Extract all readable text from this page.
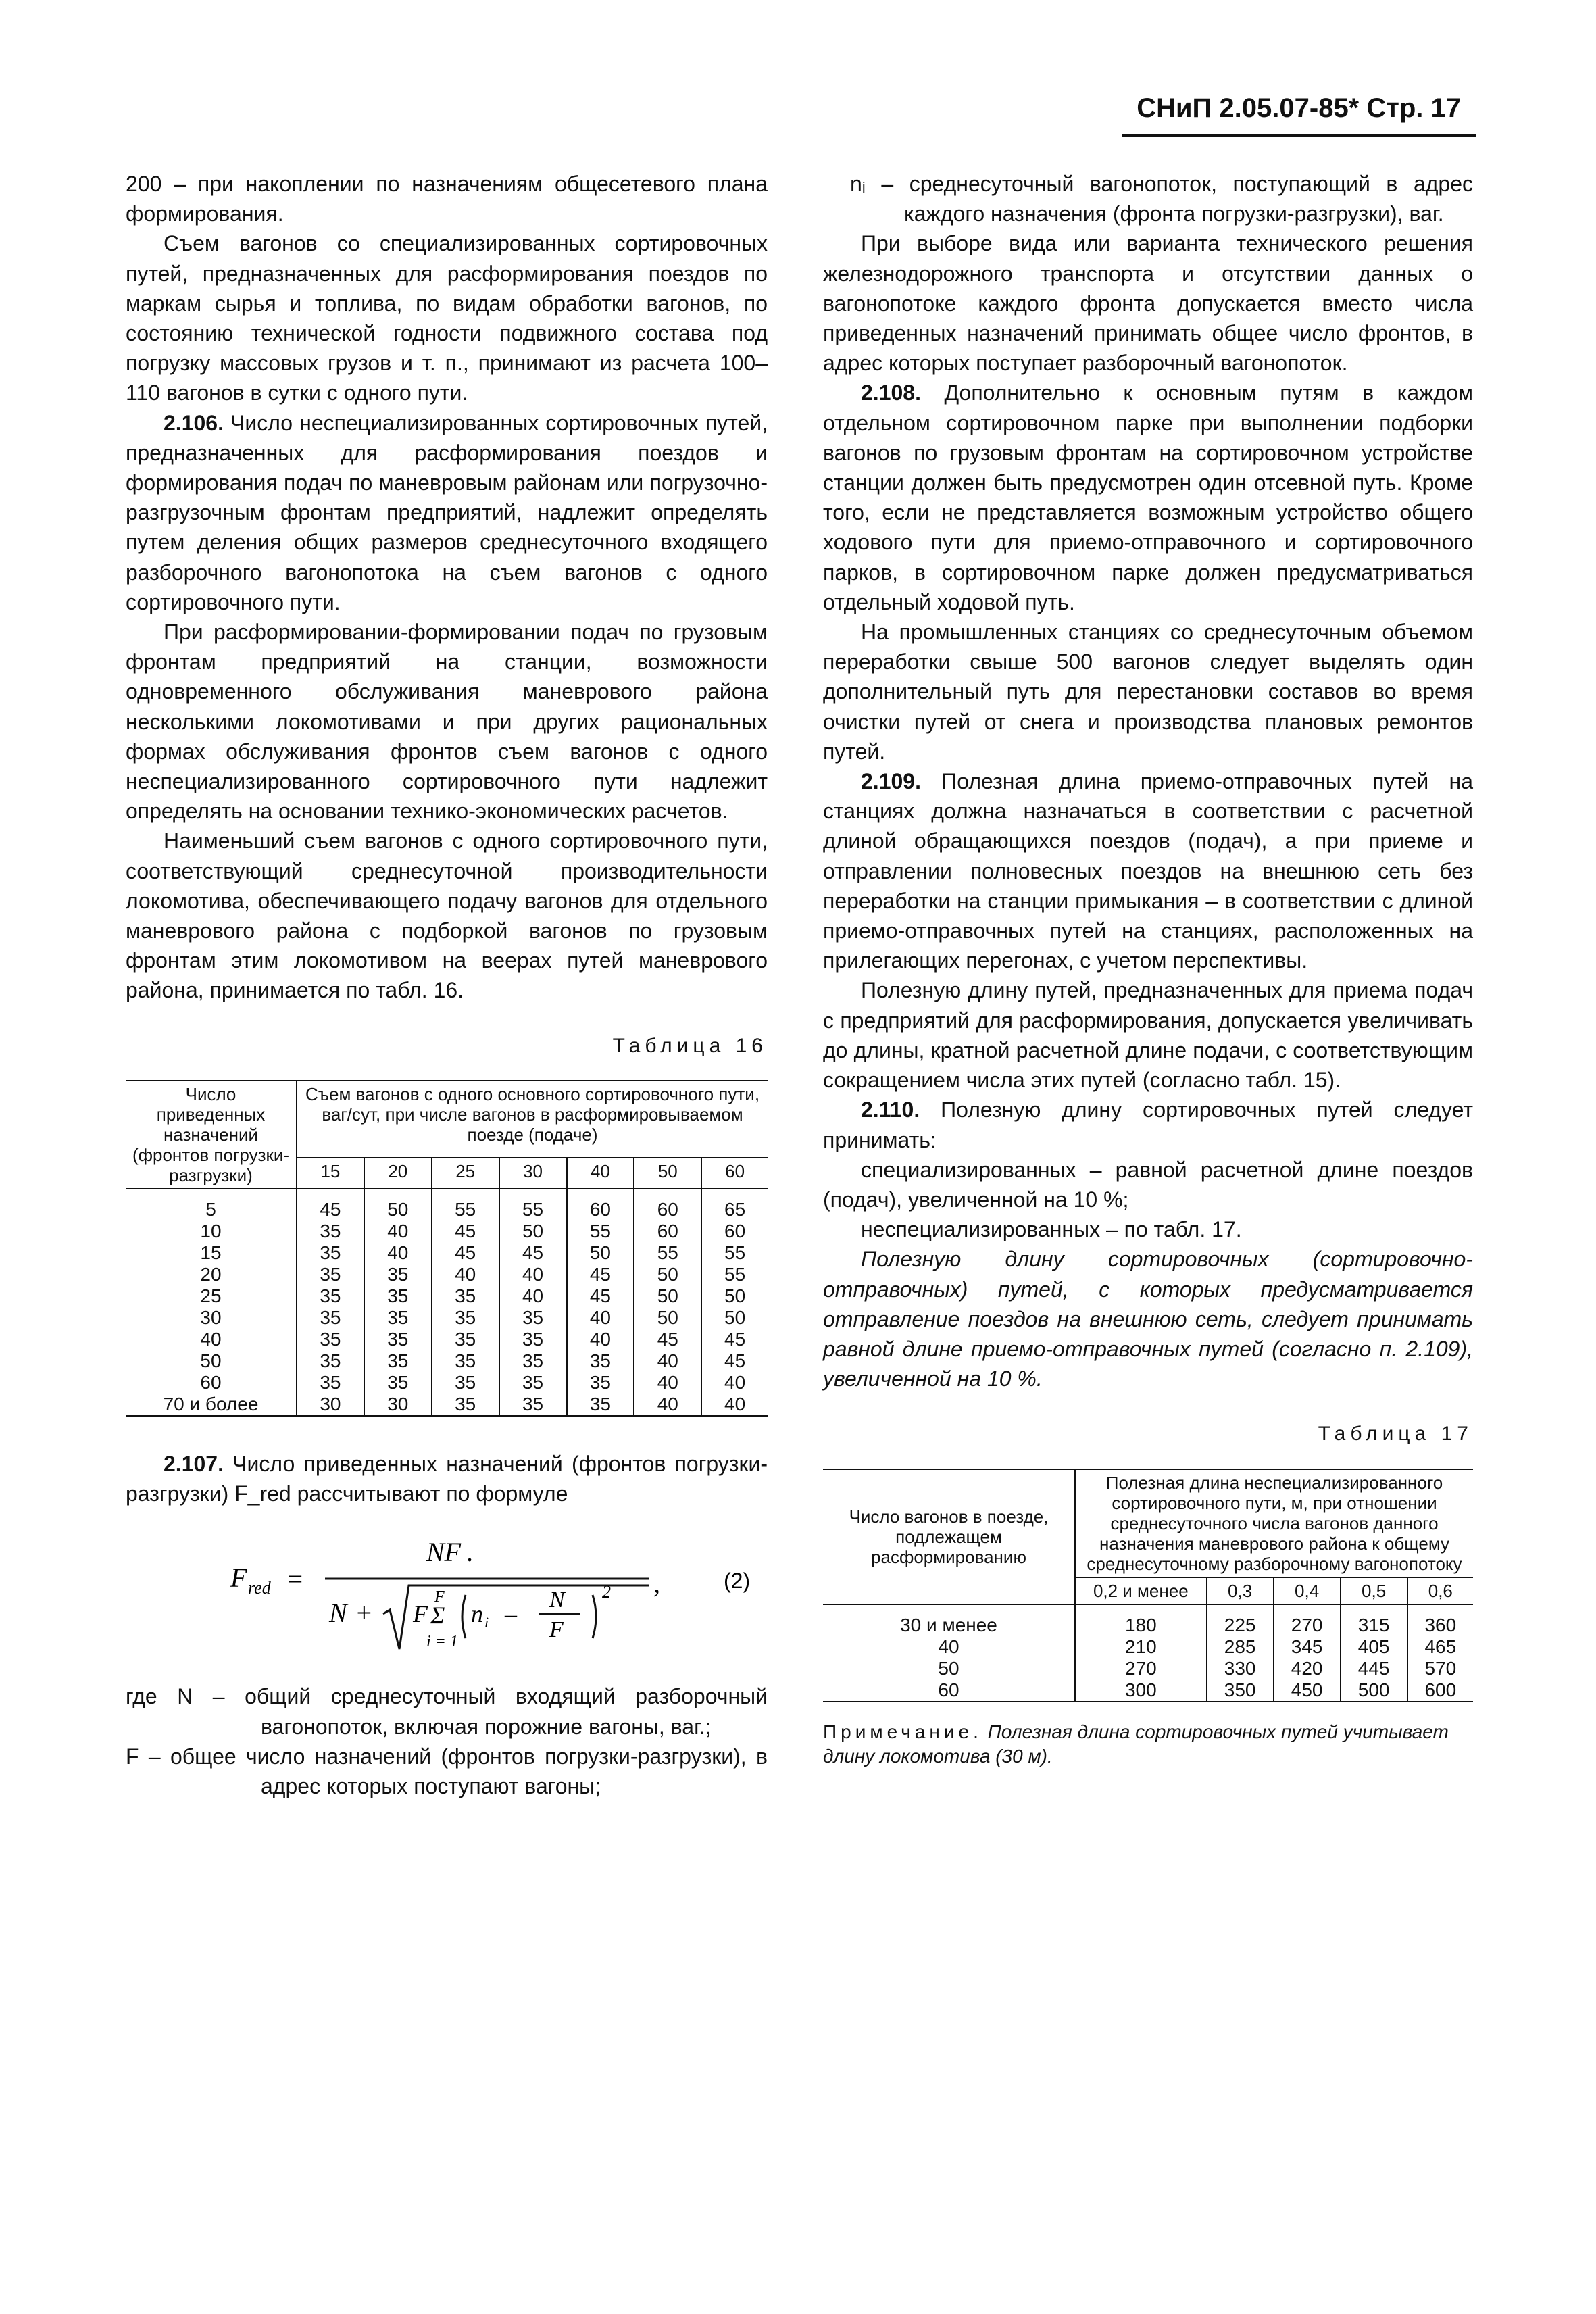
СНиП 2.05.07-85* Стр. 17

200 – при накоплении по назначениям общесетевого плана формирования.

Съем вагонов со специализированных сортировочных путей, предназначенных для расформирования поездов по маркам сырья и топлива, по видам обработки вагонов, по состоянию технической годности подвижного состава под погрузку массовых грузов и т. п., принимают из расчета 100–110 вагонов в сутки с одного пути.

2.106. Число неспециализированных сортировочных путей, предназначенных для расформирования поездов и формирования подач по маневровым районам или погрузочно-разгрузочным фронтам предприятий, надлежит определять путем деления общих размеров среднесуточного входящего разборочного вагонопотока на съем вагонов с одного сортировочного пути.

При расформировании-формировании подач по грузовым фронтам предприятий на станции, возможности одновременного обслуживания маневрового района несколькими локомотивами и при других рациональных формах обслуживания фронтов съем вагонов с одного неспециализированного сортировочного пути надлежит определять на основании технико-экономических расчетов.

Наименьший съем вагонов с одного сортировочного пути, соответствующий среднесуточной производительности локомотива, обеспечивающего подачу вагонов для отдельного маневрового района с подборкой вагонов по грузовым фронтам этим локомотивом на веерах путей маневрового района, принимается по табл. 16.

Таблица 16
Число приведенных назначений (фронтов погрузки-разгрузки)	Съем вагонов с одного основного сортировочного пути, ваг/сут, при числе вагонов в расформировываемом поезде (подаче)						
	15	20	25	30	40	50	60
5	45	50	55	55	60	60	65
10	35	40	45	50	55	60	60
15	35	40	45	45	50	55	55
20	35	35	40	40	45	50	55
25	35	35	35	40	45	50	50
30	35	35	35	35	40	50	50
40	35	35	35	35	40	45	45
50	35	35	35	35	35	40	45
60	35	35	35	35	35	40	40
70 и более	30	30	35	35	35	40	40

2.107. Число приведенных назначений (фронтов погрузки-разгрузки) F_red рассчитывают по формуле

F red =
NF .
N + F
F
Σ
i = 1
n i –
N
F
2 ,	(2)

где N – общий среднесуточный входящий разборочный вагонопоток, включая порожние вагоны, ваг.;

F – общее число назначений (фронтов погрузки-разгрузки), в адрес которых поступают вагоны;

nᵢ – среднесуточный вагонопоток, поступающий в адрес каждого назначения (фронта погрузки-разгрузки), ваг.

При выборе вида или варианта технического решения железнодорожного транспорта и отсутствии данных о вагонопотоке каждого фронта допускается вместо числа приведенных назначений принимать общее число фронтов, в адрес которых поступает разборочный вагонопоток.

2.108. Дополнительно к основным путям в каждом отдельном сортировочном парке при выполнении подборки вагонов по грузовым фронтам на сортировочном устройстве станции должен быть предусмотрен один отсевной путь. Кроме того, если не представляется возможным устройство общего ходового пути для приемо-отправочного и сортировочного парков, в сортировочном парке должен предусматриваться отдельный ходовой путь.

На промышленных станциях со среднесуточным объемом переработки свыше 500 вагонов следует выделять один дополнительный путь для перестановки составов во время очистки путей от снега и производства плановых ремонтов путей.

2.109. Полезная длина приемо-отправочных путей на станциях должна назначаться в соответствии с расчетной длиной обращающихся поездов (подач), а при приеме и отправлении полновесных поездов на внешнюю сеть без переработки на станции примыкания – в соответствии с длиной приемо-отправочных путей на станциях, расположенных на прилегающих перегонах, с учетом перспективы.

Полезную длину путей, предназначенных для приема подач с предприятий для расформирования, допускается увеличивать до длины, кратной расчетной длине подачи, с соответствующим сокращением числа этих путей (согласно табл. 15).

2.110. Полезную длину сортировочных путей следует принимать:

специализированных – равной расчетной длине поездов (подач), увеличенной на 10 %;

неспециализированных – по табл. 17.

Полезную длину сортировочных (сортировочно-отправочных) путей, с которых предусматривается отправление поездов на внешнюю сеть, следует принимать равной длине приемо-отправочных путей (согласно п. 2.109), увеличенной на 10 %.

Таблица 17
Число вагонов в поезде, подлежащем расформированию	Полезная длина неспециализированного сортировочного пути, м, при отношении среднесуточного числа вагонов данного назначения маневрового района к общему среднесуточному разборочному вагонопотоку				
	0,2 и менее	0,3	0,4	0,5	0,6
30 и менее	180	225	270	315	360
40	210	285	345	405	465
50	270	330	420	445	570
60	300	350	450	500	600
Примечание. Полезная длина сортировочных путей учитывает длину локомотива (30 м).
